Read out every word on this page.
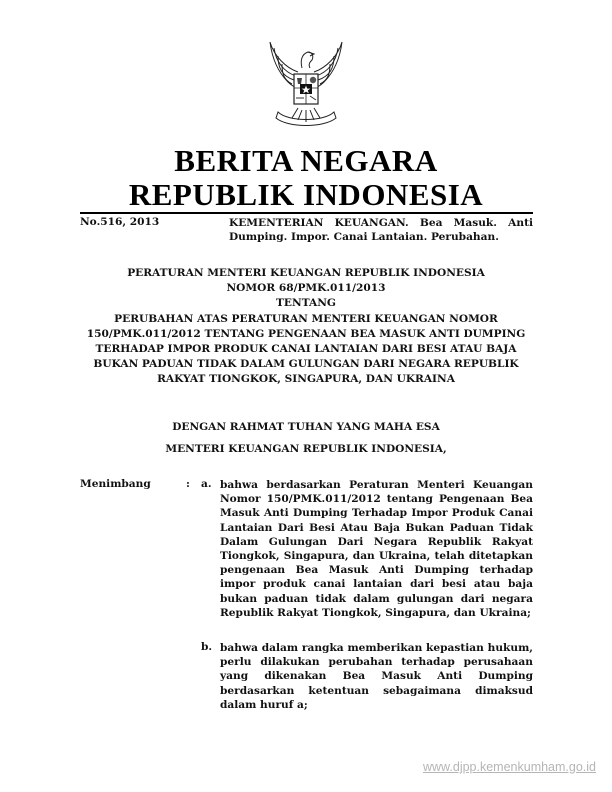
BERITA NEGARA
REPUBLIK INDONESIA
No.516, 2013	KEMENTERIAN KEUANGAN. Bea Masuk. Anti Dumping. Impor. Canai Lantaian. Perubahan.
PERATURAN MENTERI KEUANGAN REPUBLIK INDONESIA
NOMOR 68/PMK.011/2013
TENTANG
PERUBAHAN ATAS PERATURAN MENTERI KEUANGAN NOMOR
150/PMK.011/2012 TENTANG PENGENAAN BEA MASUK ANTI DUMPING
TERHADAP IMPOR PRODUK CANAI LANTAIAN DARI BESI ATAU BAJA
BUKAN PADUAN TIDAK DALAM GULUNGAN DARI NEGARA REPUBLIK
RAKYAT TIONGKOK, SINGAPURA, DAN UKRAINA
DENGAN RAHMAT TUHAN YANG MAHA ESA
MENTERI KEUANGAN REPUBLIK INDONESIA,
Menimbang	: a. bahwa berdasarkan Peraturan Menteri Keuangan Nomor 150/PMK.011/2012 tentang Pengenaan Bea Masuk Anti Dumping Terhadap Impor Produk Canai Lantaian Dari Besi Atau Baja Bukan Paduan Tidak Dalam Gulungan Dari Negara Republik Rakyat Tiongkok, Singapura, dan Ukraina, telah ditetapkan pengenaan Bea Masuk Anti Dumping terhadap impor produk canai lantaian dari besi atau baja bukan paduan tidak dalam gulungan dari negara Republik Rakyat Tiongkok, Singapura, dan Ukraina;
b. bahwa dalam rangka memberikan kepastian hukum, perlu dilakukan perubahan terhadap perusahaan yang dikenakan Bea Masuk Anti Dumping berdasarkan ketentuan sebagaimana dimaksud dalam huruf a;
www.djpp.kemenkumham.go.id
